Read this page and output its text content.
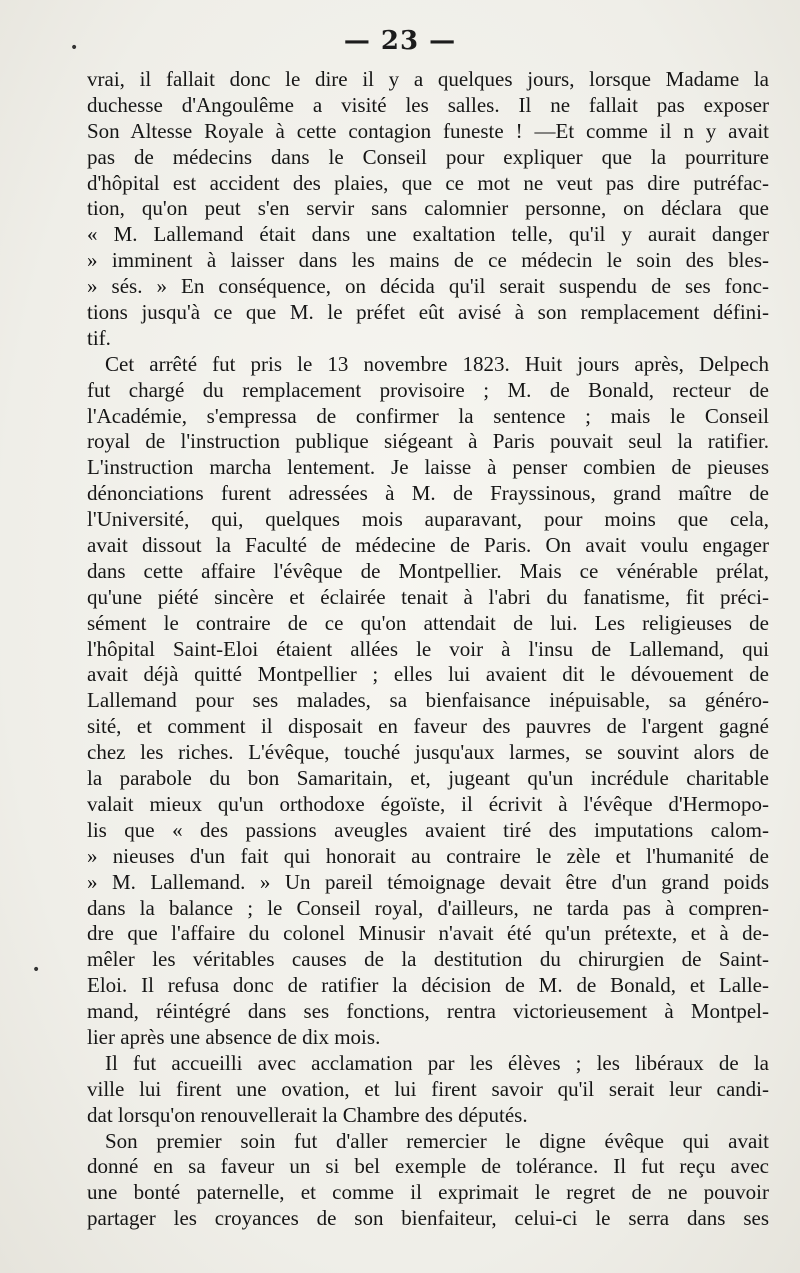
•	— 23 —
vrai, il fallait donc le dire il y a quelques jours, lorsque Madame la
duchesse d'Angoulême a visité les salles. Il ne fallait pas exposer
Son Altesse Royale à cette contagion funeste ! —Et comme il n y avait
pas de médecins dans le Conseil pour expliquer que la pourriture
d'hôpital est accident des plaies, que ce mot ne veut pas dire putréfac-
tion, qu'on peut s'en servir sans calomnier personne, on déclara que
« M. Lallemand était dans une exaltation telle, qu'il y aurait danger
» imminent à laisser dans les mains de ce médecin le soin des bles-
» sés. » En conséquence, on décida qu'il serait suspendu de ses fonc-
tions jusqu'à ce que M. le préfet eût avisé à son remplacement défini-
tif.
Cet arrêté fut pris le 13 novembre 1823. Huit jours après, Delpech
fut chargé du remplacement provisoire ; M. de Bonald, recteur de
l'Académie, s'empressa de confirmer la sentence ; mais le Conseil
royal de l'instruction publique siégeant à Paris pouvait seul la ratifier.
L'instruction marcha lentement. Je laisse à penser combien de pieuses
dénonciations furent adressées à M. de Frayssinous, grand maître de
l'Université, qui, quelques mois auparavant, pour moins que cela,
avait dissout la Faculté de médecine de Paris. On avait voulu engager
dans cette affaire l'évêque de Montpellier. Mais ce vénérable prélat,
qu'une piété sincère et éclairée tenait à l'abri du fanatisme, fit préci-
sément le contraire de ce qu'on attendait de lui. Les religieuses de
l'hôpital Saint-Eloi étaient allées le voir à l'insu de Lallemand, qui
avait déjà quitté Montpellier ; elles lui avaient dit le dévouement de
Lallemand pour ses malades, sa bienfaisance inépuisable, sa généro-
sité, et comment il disposait en faveur des pauvres de l'argent gagné
chez les riches. L'évêque, touché jusqu'aux larmes, se souvint alors de
la parabole du bon Samaritain, et, jugeant qu'un incrédule charitable
valait mieux qu'un orthodoxe égoïste, il écrivit à l'évêque d'Hermopo-
lis que « des passions aveugles avaient tiré des imputations calom-
» nieuses d'un fait qui honorait au contraire le zèle et l'humanité de
» M. Lallemand. » Un pareil témoignage devait être d'un grand poids
dans la balance ; le Conseil royal, d'ailleurs, ne tarda pas à compren-
dre que l'affaire du colonel Minusir n'avait été qu'un prétexte, et à de-
mêler les véritables causes de la destitution du chirurgien de Saint-
Eloi. Il refusa donc de ratifier la décision de M. de Bonald, et Lalle-
mand, réintégré dans ses fonctions, rentra victorieusement à Montpel-
lier après une absence de dix mois.
Il fut accueilli avec acclamation par les élèves ; les libéraux de la
ville lui firent une ovation, et lui firent savoir qu'il serait leur candi-
dat lorsqu'on renouvellerait la Chambre des députés.
Son premier soin fut d'aller remercier le digne évêque qui avait
donné en sa faveur un si bel exemple de tolérance. Il fut reçu avec
une bonté paternelle, et comme il exprimait le regret de ne pouvoir
partager les croyances de son bienfaiteur, celui-ci le serra dans ses
•
